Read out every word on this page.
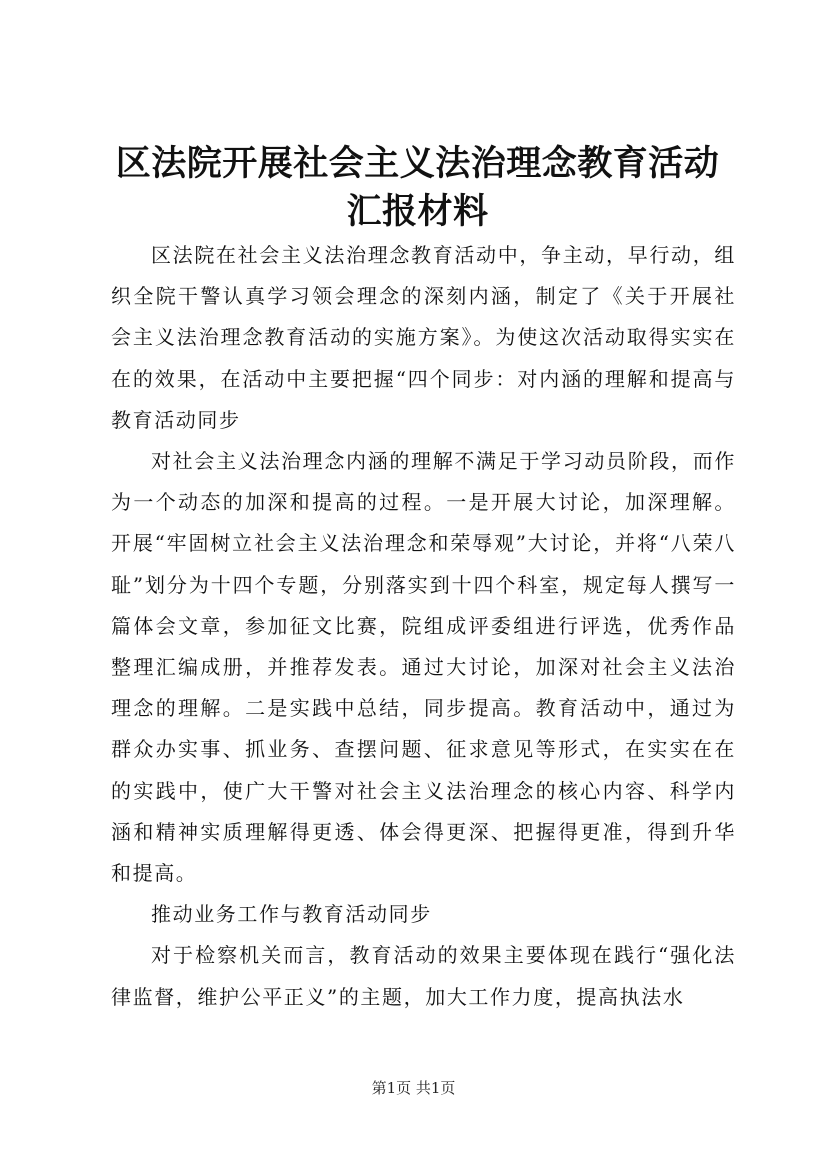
区法院开展社会主义法治理念教育活动汇报材料

区法院在社会主义法治理念教育活动中，争主动，早行动，组织全院干警认真学习领会理念的深刻内涵，制定了《关于开展社会主义法治理念教育活动的实施方案》。为使这次活动取得实实在在的效果，在活动中主要把握“四个同步：对内涵的理解和提高与教育活动同步

对社会主义法治理念内涵的理解不满足于学习动员阶段，而作为一个动态的加深和提高的过程。一是开展大讨论，加深理解。开展“牢固树立社会主义法治理念和荣辱观”大讨论，并将“八荣八耻”划分为十四个专题，分别落实到十四个科室，规定每人撰写一篇体会文章，参加征文比赛，院组成评委组进行评选，优秀作品整理汇编成册，并推荐发表。通过大讨论，加深对社会主义法治理念的理解。二是实践中总结，同步提高。教育活动中，通过为群众办实事、抓业务、查摆问题、征求意见等形式，在实实在在的实践中，使广大干警对社会主义法治理念的核心内容、科学内涵和精神实质理解得更透、体会得更深、把握得更准，得到升华和提高。

推动业务工作与教育活动同步

对于检察机关而言，教育活动的效果主要体现在践行“强化法律监督，维护公平正义”的主题，加大工作力度，提高执法水

第1页 共1页
